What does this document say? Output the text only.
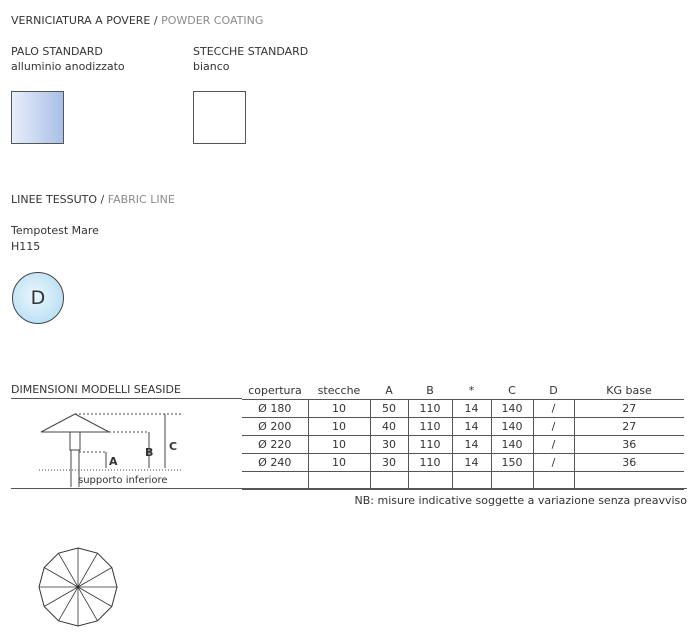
VERNICIATURA A POVERE / POWDER COATING
PALO STANDARD
alluminio anodizzato
STECCHE STANDARD
bianco
LINEE TESSUTO / FABRIC LINE
Tempotest Mare
H115
D
DIMENSIONI MODELLI SEASIDE
A
B C
supporto inferiore
copertura	stecche	A	B	*	C	D	KG base
Ø 180	10	50	110	14	140	/	27
Ø 200	10	40	110	14	140	/	27
Ø 220	10	30	110	14	140	/	36
Ø 240	10	30	110	14	150	/	36

NB: misure indicative soggette a variazione senza preavviso
